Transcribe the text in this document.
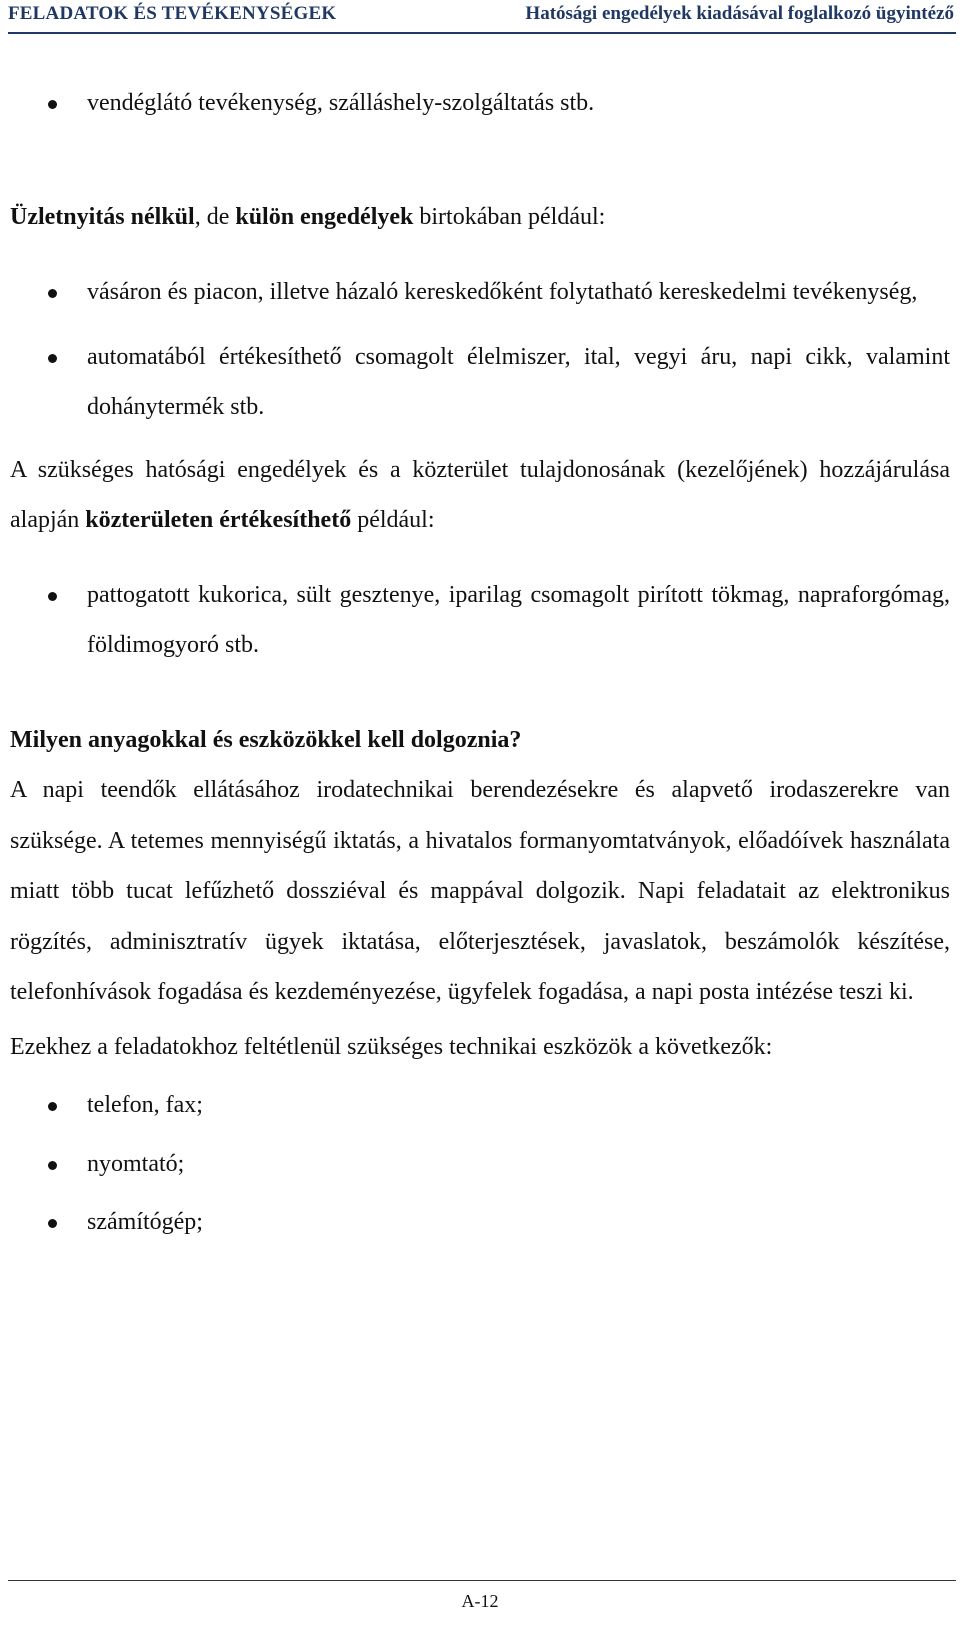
FELADATOK ÉS TEVÉKENYSÉGEK	Hatósági engedélyek kiadásával foglalkozó ügyintéző
vendéglátó tevékenység, szálláshely-szolgáltatás stb.
Üzletnyitás nélkül, de külön engedélyek birtokában például:
vásáron és piacon, illetve házaló kereskedőként folytatható kereskedelmi tevékenység,
automatából értékesíthető csomagolt élelmiszer, ital, vegyi áru, napi cikk, valamint dohánytermék stb.
A szükséges hatósági engedélyek és a közterület tulajdonosának (kezelőjének) hozzájárulása alapján közterületen értékesíthető például:
pattogatott kukorica, sült gesztenye, iparilag csomagolt pirított tökmag, napraforgómag, földimogyoró stb.
Milyen anyagokkal és eszközökkel kell dolgoznia?
A napi teendők ellátásához irodatechnikai berendezésekre és alapvető irodaszerekre van szüksége. A tetemes mennyiségű iktatás, a hivatalos formanyomtatványok, előadóívek használata miatt több tucat lefűzhető dossziéval és mappával dolgozik. Napi feladatait az elektronikus rögzítés, adminisztratív ügyek iktatása, előterjesztések, javaslatok, beszámolók készítése, telefonhívások fogadása és kezdeményezése, ügyfelek fogadása, a napi posta intézése teszi ki.
Ezekhez a feladatokhoz feltétlenül szükséges technikai eszközök a következők:
telefon, fax;
nyomtató;
számítógép;
A-12
